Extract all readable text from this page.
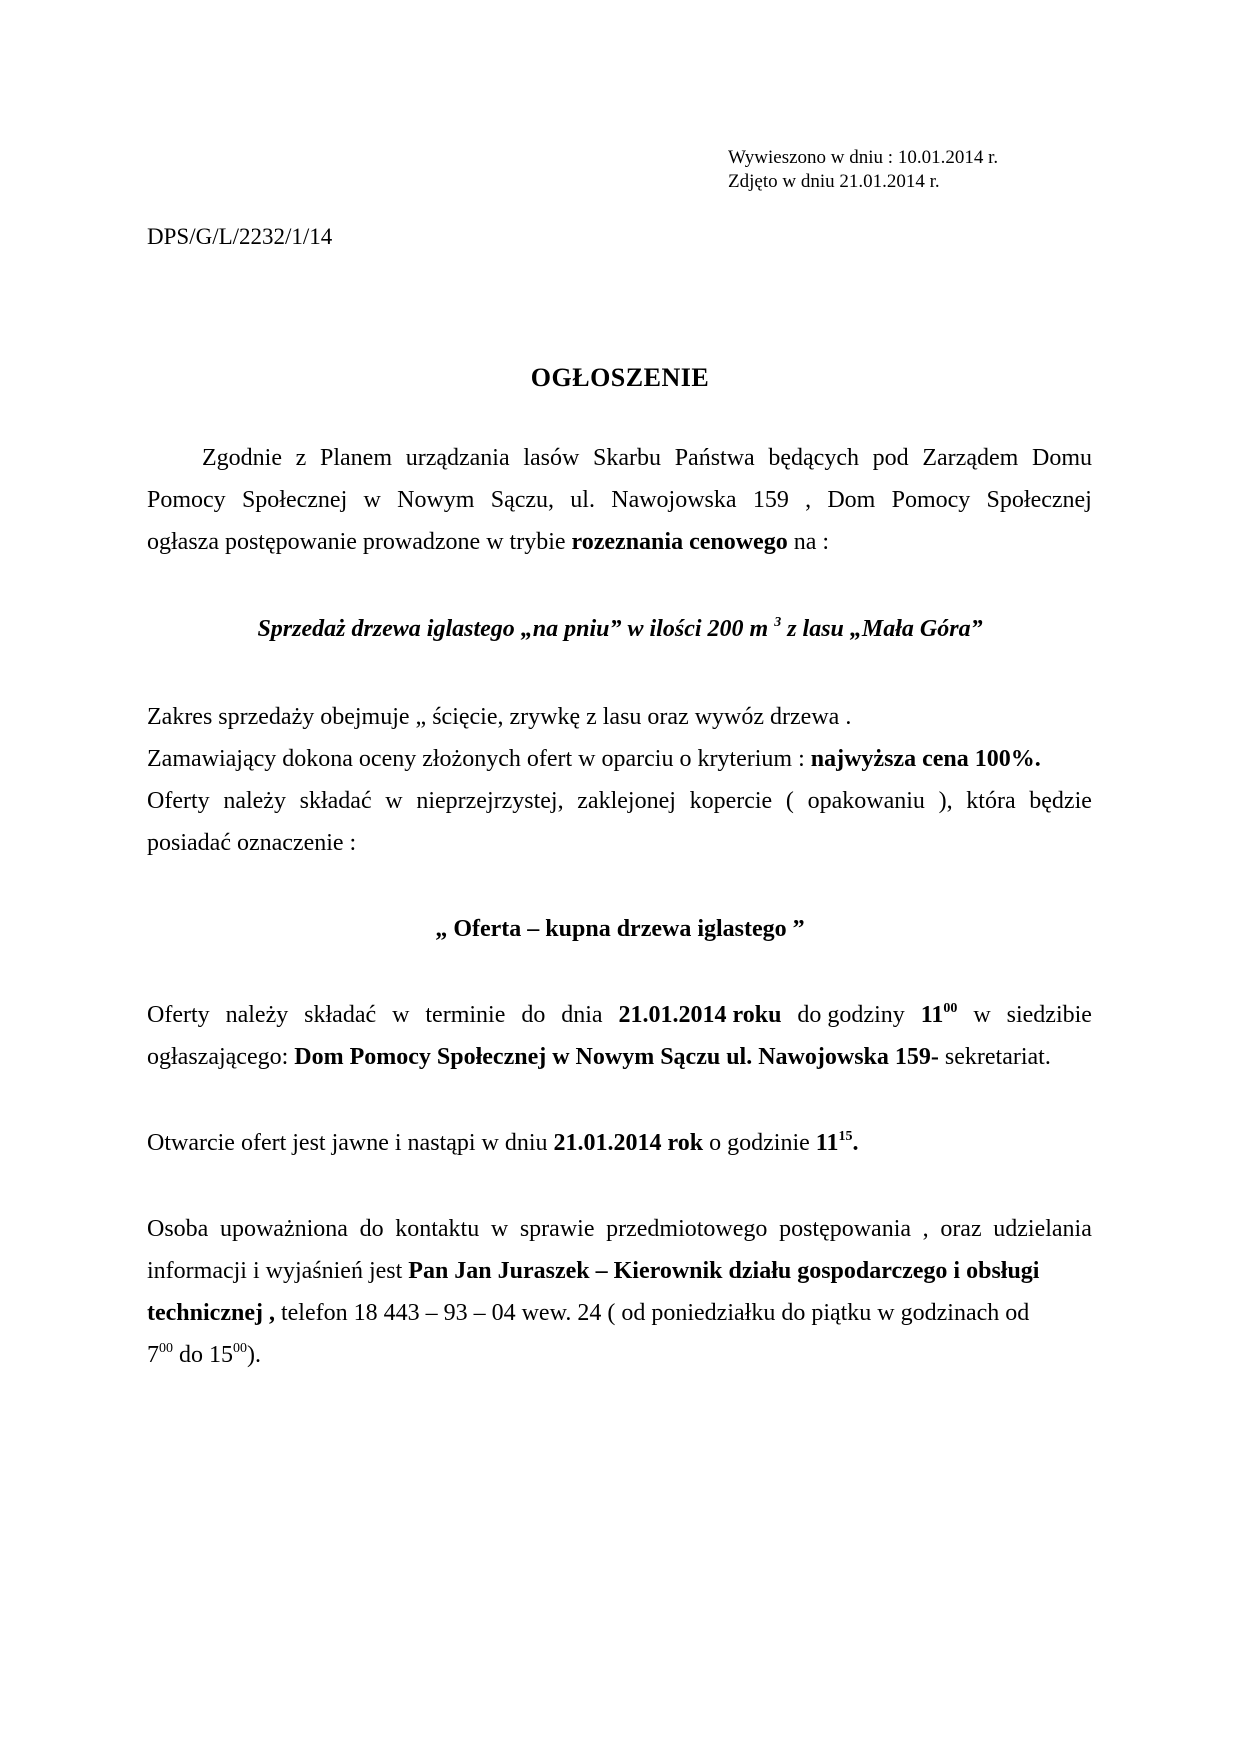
Wywieszono w dniu : 10.01.2014 r.
Zdjęto w dniu 21.01.2014 r.
DPS/G/L/2232/1/14
OGŁOSZENIE
Zgodnie z Planem urządzania lasów Skarbu Państwa będących pod Zarządem Domu
Pomocy Społecznej w Nowym Sączu, ul. Nawojowska 159 , Dom Pomocy Społecznej
ogłasza postępowanie prowadzone w trybie rozeznania cenowego na :
Sprzedaż drzewa iglastego „na pniu” w ilości 200 m $^3$ z lasu „Mała Góra”
Zakres sprzedaży obejmuje „ ścięcie, zrywkę z lasu oraz wywóz drzewa .
Zamawiający dokona oceny złożonych ofert w oparciu o kryterium : najwyższa cena 100%.
Oferty należy składać w nieprzejrzystej, zaklejonej kopercie ( opakowaniu ), która będzie
posiadać oznaczenie :
„ Oferta – kupna drzewa iglastego ”
Oferty należy składać w terminie do dnia 21.01.2014 roku do godziny $11^{00}$ w siedzibie
ogłaszającego: Dom Pomocy Społecznej w Nowym Sączu ul. Nawojowska 159- sekretariat.
Otwarcie ofert jest jawne i nastąpi w dniu 21.01.2014 rok o godzinie $11^{15}$.
Osoba upoważniona do kontaktu w sprawie przedmiotowego postępowania , oraz udzielania
informacji i wyjaśnień jest Pan Jan Juraszek – Kierownik działu gospodarczego i obsługi
technicznej , telefon 18 443 – 93 – 04 wew. 24 ( od poniedziałku do piątku w godzinach od
$7^{00}$ do $15^{00}$).
